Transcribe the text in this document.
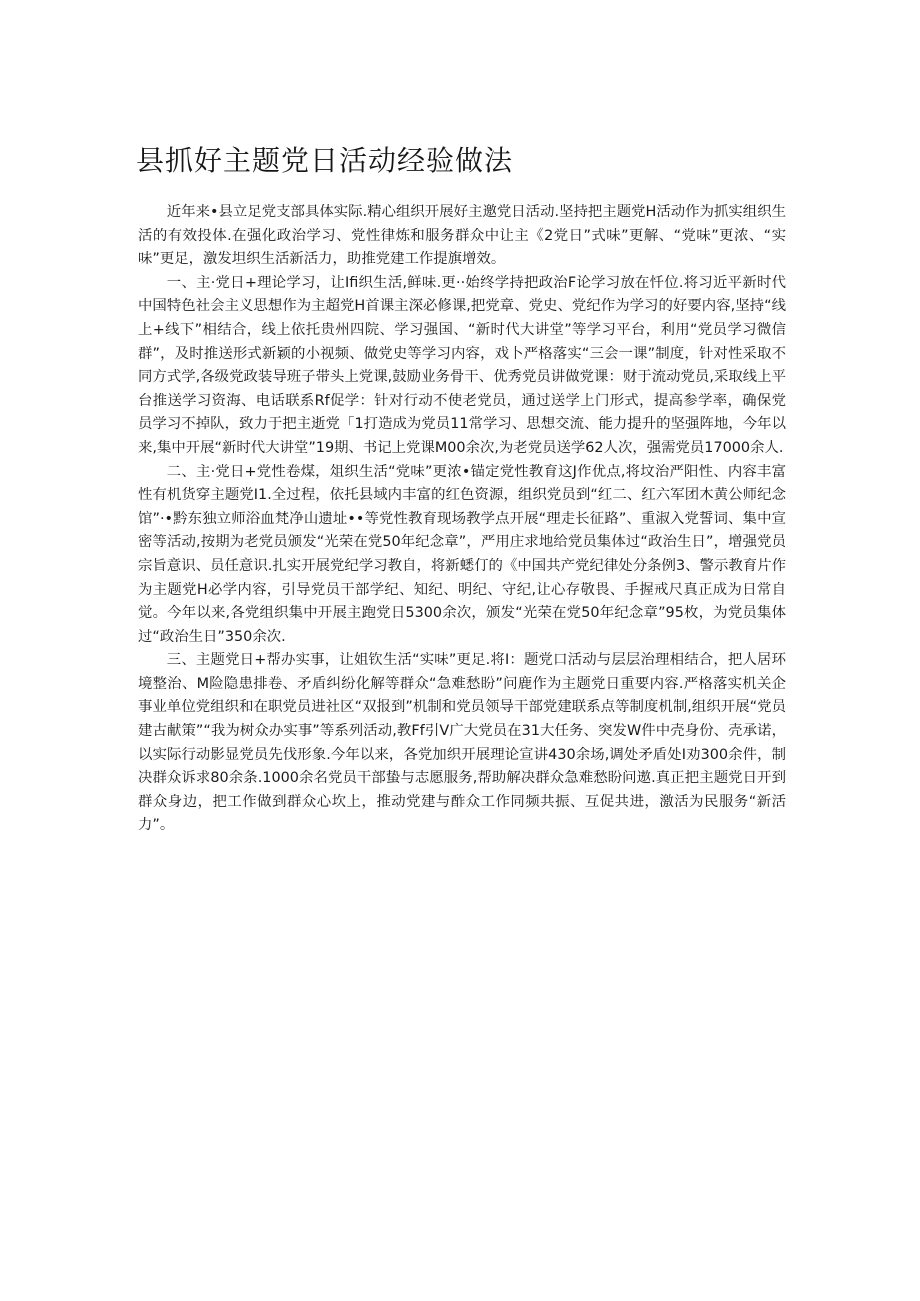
县抓好主题党日活动经验做法

近年来•县立足党支部具体实际.精心组织开展好主邀党日活动.坚持把主题党H活动作为抓实组织生活的有效投体.在强化政治学习、党性律炼和服务群众中让主《2党日”式味”更解、“党味”更浓、“实味”更足，激发坦织生活新活力，助推党建工作提旗增效。

一、主·党日+理论学习，让Ifi织生活,鲜味.更··始终学持把政治F论学习放在忏位.将习近平新时代中国特色社会主义思想作为主超党H首课主深必修课,把党章、党史、党纪作为学习的好要内容,坚持“线上+线下”相结合，线上依托贵州四院、学习强国、“新时代大讲堂”等学习平台，利用“党员学习微信群”，及时推送形式新颖的小视频、做党史等学习内容，戏卜严格落实“三会一课”制度，针对性采取不同方式学,各级党政装导班子带头上党课,鼓励业务骨干、优秀党员讲做党课：财于流动党员,采取线上平台推送学习资海、电话联系Rf促学：针对行动不使老党员，通过送学上门形式，提高参学率，确保党员学习不掉队，致力于把主逝党「1打造成为党员11常学习、思想交流、能力提升的坚强阵地，今年以来,集中开展“新时代大讲堂”19期、书记上党课M00余次,为老党员送学62人次，强需党员17000余人.

二、主·党日+党性卷煤，俎织生活“党味”更浓•锚定党性教育这J作优点,将坟治严阳性、内容丰富性有机货穿主题党I1.全过程，依托县域内丰富的红色资源，组织党员到“红二、红六军团木黄公师纪念馆”·•黔东独立师浴血梵净山遗址••等党性教育现场教学点开展“理走长征路”、重淑入党誓词、集中宣密等活动,按期为老党员颁发“光荣在党50年纪念章”，严用庄求地给党员集体过“政治生日”，增强党员宗旨意识、员任意识.扎实开展党纪学习教自，将新蟋仃的《中国共产党纪律处分条例3、警示教育片作为主题党H必学内容，引导党员干部学纪、知纪、明纪、守纪,让心存敬畏、手握戒尺真正成为日常自觉。今年以来,各党组织集中开展主跑党日5300余次，颁发“光荣在党50年纪念章”95枚，为党员集体过“政治生日”350余次.

三、主题党日+帮办实事，让姐钦生活“实味”更足.将I：题党口活动与层层治理相结合，把人居环境整治、M险隐患排卷、矛盾纠纷化解等群众“急难愁盼”问鹿作为主题党日重要内容.严格落实机关企事业单位党组织和在职党员进社区“双报到”机制和党员领导干部党建联系点等制度机制,组织开展“党员建古献策”“我为树众办实事”等系列活动,教Ff引V广大党员在31大任务、突发W件中壳身份、壳承诺，以实际行动影显党员先伐形象.今年以来，各党加织开展理论宣讲430余场,调处矛盾处I劝300余件，制决群众诉求80余条.1000余名党员干部蛰与志愿服务,帮助解决群众急难愁盼问遨.真正把主题党日开到群众身边，把工作做到群众心坎上，推动党建与酢众工作同频共振、互促共进，激活为民服务“新活力”。
